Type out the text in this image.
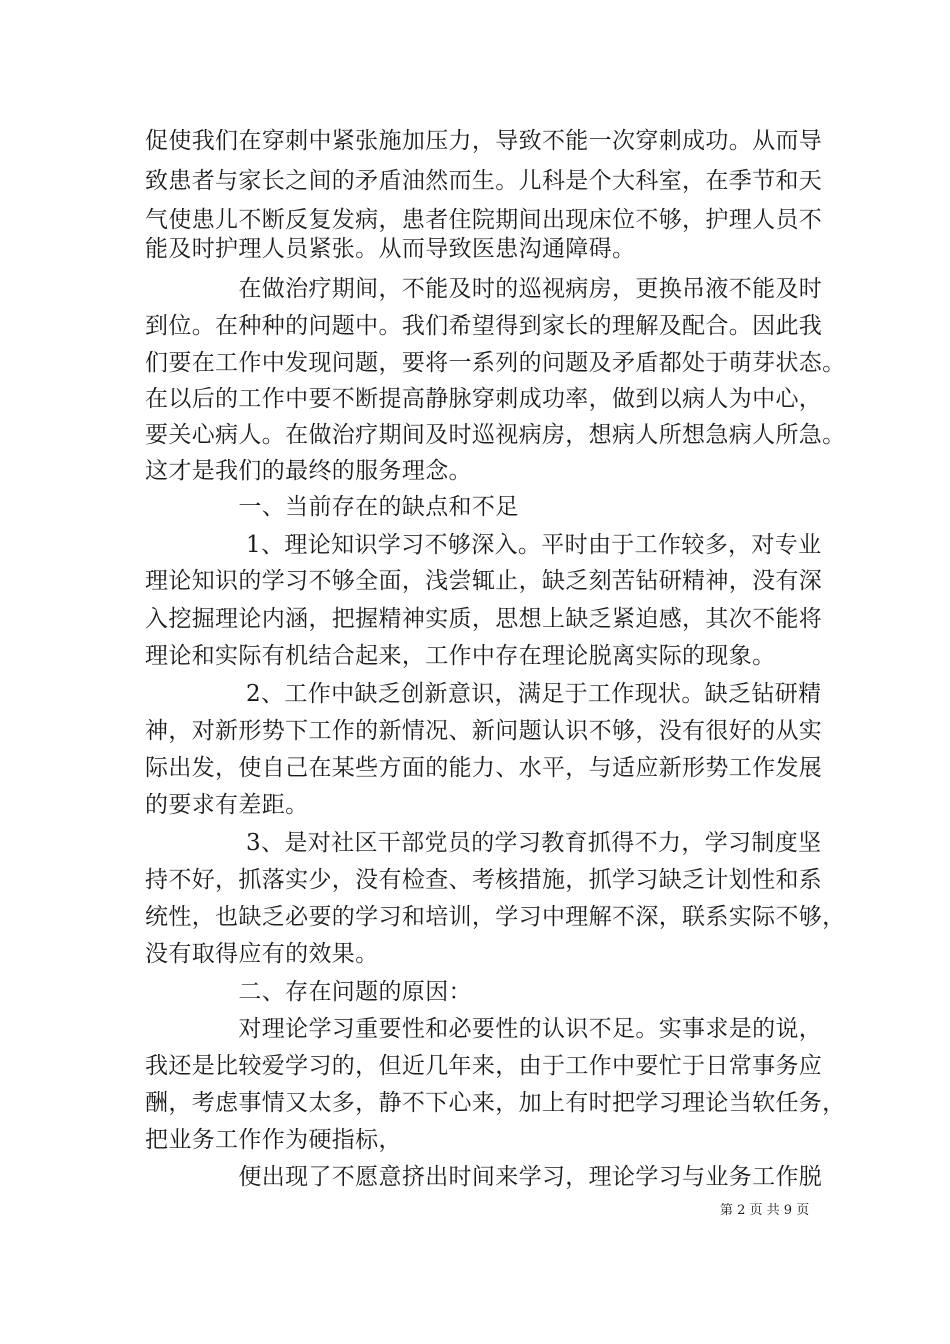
促使我们在穿刺中紧张施加压力，导致不能一次穿刺成功。从而导
致患者与家长之间的矛盾油然而生。儿科是个大科室，在季节和天
气使患儿不断反复发病，患者住院期间出现床位不够，护理人员不
能及时护理人员紧张。从而导致医患沟通障碍。
　　　　在做治疗期间，不能及时的巡视病房，更换吊液不能及时
到位。在种种的问题中。我们希望得到家长的理解及配合。因此我
们要在工作中发现问题，要将一系列的问题及矛盾都处于萌芽状态。
在以后的工作中要不断提高静脉穿刺成功率，做到以病人为中心，
要关心病人。在做治疗期间及时巡视病房，想病人所想急病人所急。
这才是我们的最终的服务理念。
　　　　一、当前存在的缺点和不足
　　　　 1、理论知识学习不够深入。平时由于工作较多，对专业
理论知识的学习不够全面，浅尝辄止，缺乏刻苦钻研精神，没有深
入挖掘理论内涵，把握精神实质，思想上缺乏紧迫感，其次不能将
理论和实际有机结合起来，工作中存在理论脱离实际的现象。
　　　　 2、工作中缺乏创新意识，满足于工作现状。缺乏钻研精
神，对新形势下工作的新情况、新问题认识不够，没有很好的从实
际出发，使自己在某些方面的能力、水平，与适应新形势工作发展
的要求有差距。
　　　　 3、是对社区干部党员的学习教育抓得不力，学习制度坚
持不好，抓落实少，没有检查、考核措施，抓学习缺乏计划性和系
统性，也缺乏必要的学习和培训，学习中理解不深，联系实际不够，
没有取得应有的效果。
　　　　二、存在问题的原因：
　　　　对理论学习重要性和必要性的认识不足。实事求是的说，
我还是比较爱学习的，但近几年来，由于工作中要忙于日常事务应
酬，考虑事情又太多，静不下心来，加上有时把学习理论当软任务，
把业务工作作为硬指标，
　　　　便出现了不愿意挤出时间来学习，理论学习与业务工作脱
第 2 页 共 9 页
